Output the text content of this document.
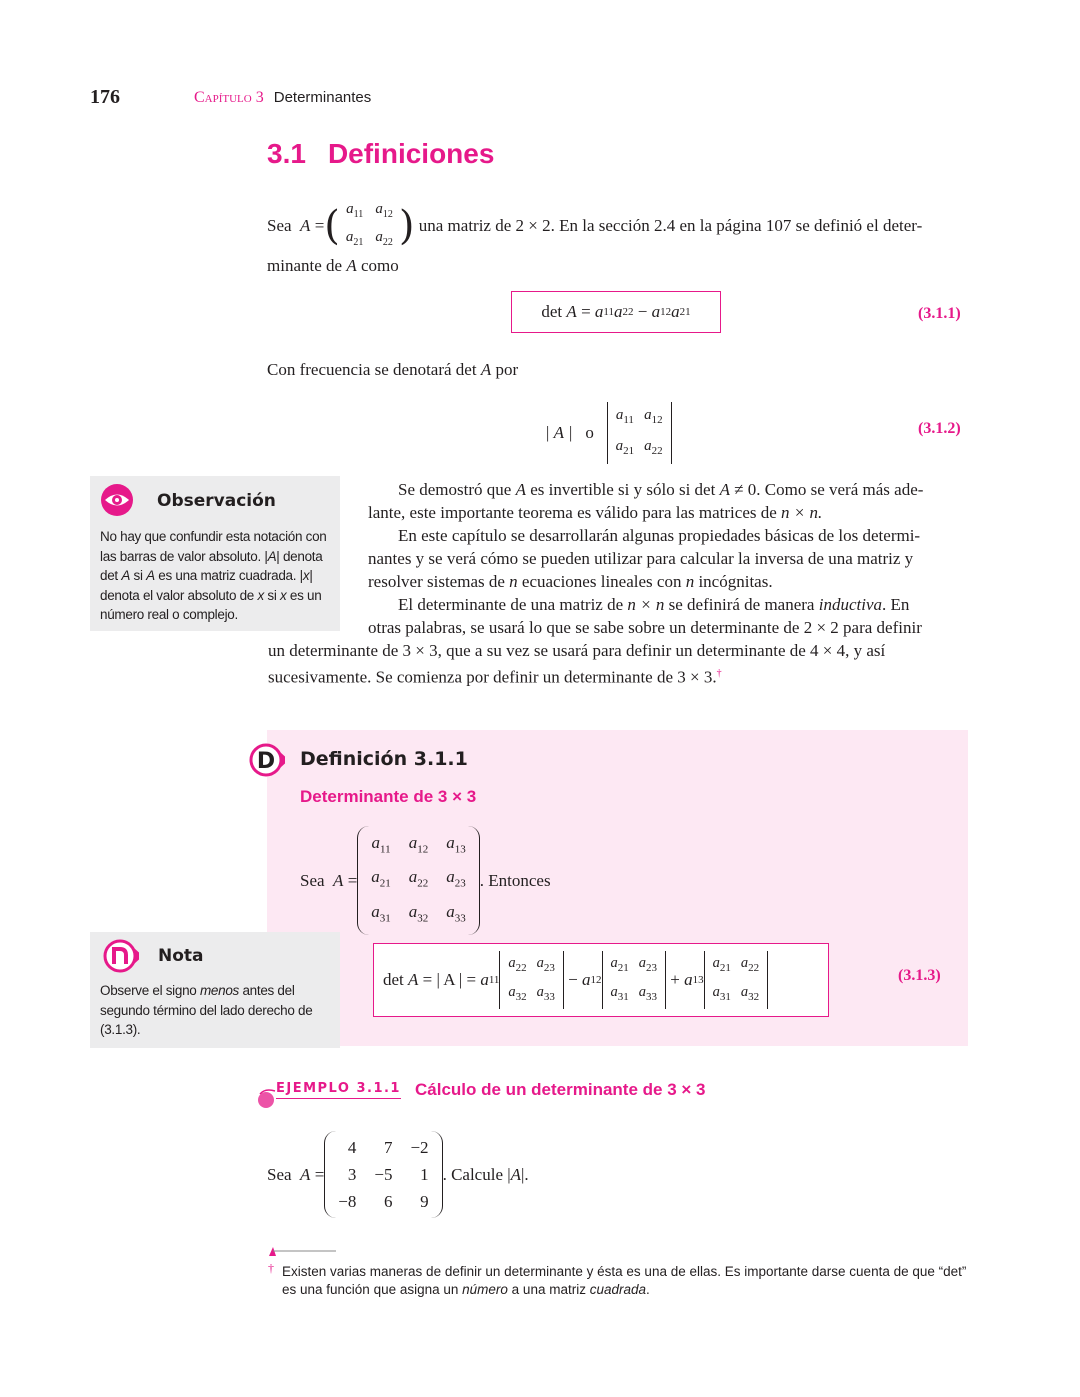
176	Capítulo 3 Determinantes
3.1 Definiciones
Sea
A = ( $a_{11}$	$a_{12}$
$a_{21}$	$a_{22}$ )
una matriz de 2 × 2. En la sección 2.4 en la página 107 se definió el deter-
minante de A como
det
A = a 11 a 22 − a 12 a 21	(3.1.1)
Con frecuencia se denotará det A por
| A |
o

$a_{11}$	$a_{12}$
$a_{21}$	$a_{22}$
(3.1.2)
Observación
No hay que confundir esta notación con las barras de valor absoluto. |A| denota det A si A es una matriz cuadrada. |x| denota el valor absoluto de x si x es un número real o complejo.

Se demostró que A es invertible si y sólo si det A ≠ 0. Como se verá más ade-

lante, este importante teorema es válido para las matrices de n × n.

En este capítulo se desarrollarán algunas propiedades básicas de los determi-

nantes y se verá cómo se pueden utilizar para calcular la inversa de una matriz y

resolver sistemas de n ecuaciones lineales con n incógnitas.

El determinante de una matriz de n × n se definirá de manera inductiva. En

otras palabras, se usará lo que se sabe sobre un determinante de 2 × 2 para definir

un determinante de 3 × 3, que a su vez se usará para definir un determinante de 4 × 4, y así

sucesivamente. Se comienza por definir un determinante de 3 × 3.†

D Definición 3.1.1
Determinante de 3 × 3
Sea
A =
$a_{11}$	$a_{12}$	$a_{13}$
$a_{21}$	$a_{22}$	$a_{23}$
$a_{31}$	$a_{32}$	$a_{33}$
. Entonces
Nota
Observe el signo menos antes del segundo término del lado derecho de (3.1.3).
det
A
= | A | =
a 11
$a_{22}$	$a_{23}$
$a_{32}$	$a_{33}$

−
a 12
$a_{21}$	$a_{23}$
$a_{31}$	$a_{33}$

+
a 13
$a_{21}$	$a_{22}$
$a_{31}$	$a_{32}$
(3.1.3)
EJEMPLO 3.1.1 Cálculo de un determinante de 3 × 3
Sea
A =
4	7	−2
3	−5	1
−8	6	9
. Calcule | A |.
† Existen varias maneras de definir un determinante y ésta es una de ellas. Es importante darse cuenta de que “det” es una función que asigna un número a una matriz cuadrada.
